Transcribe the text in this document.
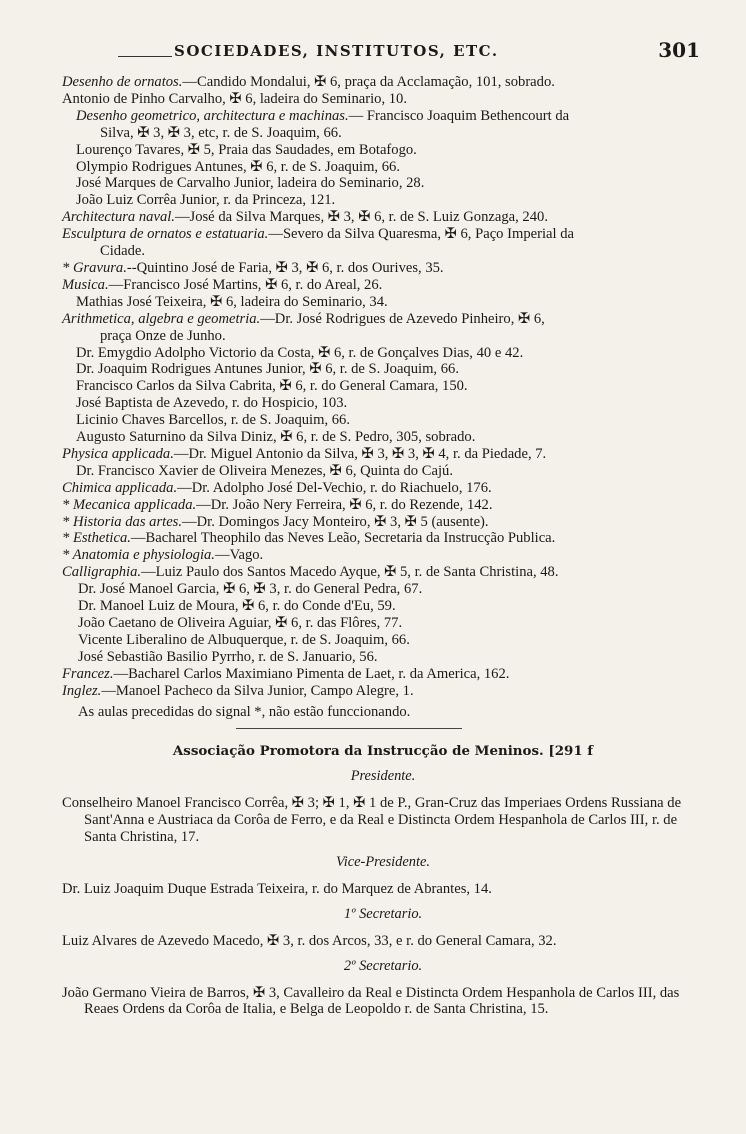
SOCIEDADES, INSTITUTOS, ETC.	301

Desenho de ornatos.—Candido Mondalui, ✠ 6, praça da Acclamação, 101, sobrado.

Antonio de Pinho Carvalho, ✠ 6, ladeira do Seminario, 10.

Desenho geometrico, architectura e machinas.— Francisco Joaquim Bethencourt da

Silva, ✠ 3, ✠ 3, etc, r. de S. Joaquim, 66.

Lourenço Tavares, ✠ 5, Praia das Saudades, em Botafogo.

Olympio Rodrigues Antunes, ✠ 6, r. de S. Joaquim, 66.

José Marques de Carvalho Junior, ladeira do Seminario, 28.

João Luiz Corrêa Junior, r. da Princeza, 121.

Architectura naval.—José da Silva Marques, ✠ 3, ✠ 6, r. de S. Luiz Gonzaga, 240.

Esculptura de ornatos e estatuaria.—Severo da Silva Quaresma, ✠ 6, Paço Imperial da

Cidade.

* Gravura.--Quintino José de Faria, ✠ 3, ✠ 6, r. dos Ourives, 35.

Musica.—Francisco José Martins, ✠ 6, r. do Areal, 26.

Mathias José Teixeira, ✠ 6, ladeira do Seminario, 34.

Arithmetica, algebra e geometria.—Dr. José Rodrigues de Azevedo Pinheiro, ✠ 6,

praça Onze de Junho.

Dr. Emygdio Adolpho Victorio da Costa, ✠ 6, r. de Gonçalves Dias, 40 e 42.

Dr. Joaquim Rodrigues Antunes Junior, ✠ 6, r. de S. Joaquim, 66.

Francisco Carlos da Silva Cabrita, ✠ 6, r. do General Camara, 150.

José Baptista de Azevedo, r. do Hospicio, 103.

Licinio Chaves Barcellos, r. de S. Joaquim, 66.

Augusto Saturnino da Silva Diniz, ✠ 6, r. de S. Pedro, 305, sobrado.

Physica applicada.—Dr. Miguel Antonio da Silva, ✠ 3, ✠ 3, ✠ 4, r. da Piedade, 7.

Dr. Francisco Xavier de Oliveira Menezes, ✠ 6, Quinta do Cajú.

Chimica applicada.—Dr. Adolpho José Del-Vechio, r. do Riachuelo, 176.

* Mecanica applicada.—Dr. João Nery Ferreira, ✠ 6, r. do Rezende, 142.

* Historia das artes.—Dr. Domingos Jacy Monteiro, ✠ 3, ✠ 5 (ausente).

* Esthetica.—Bacharel Theophilo das Neves Leão, Secretaria da Instrucção Publica.

* Anatomia e physiologia.—Vago.

Calligraphia.—Luiz Paulo dos Santos Macedo Ayque, ✠ 5, r. de Santa Christina, 48.

Dr. José Manoel Garcia, ✠ 6, ✠ 3, r. do General Pedra, 67.

Dr. Manoel Luiz de Moura, ✠ 6, r. do Conde d'Eu, 59.

João Caetano de Oliveira Aguiar, ✠ 6, r. das Flôres, 77.

Vicente Liberalino de Albuquerque, r. de S. Joaquim, 66.

José Sebastião Basilio Pyrrho, r. de S. Januario, 56.

Francez.—Bacharel Carlos Maximiano Pimenta de Laet, r. da America, 162.

Inglez.—Manoel Pacheco da Silva Junior, Campo Alegre, 1.

As aulas precedidas do signal *, não estão funccionando.

Associação Promotora da Instrucção de Meninos. [291 f
Presidente.

Conselheiro Manoel Francisco Corrêa, ✠ 3; ✠ 1, ✠ 1 de P., Gran-Cruz das Imperiaes Ordens Russiana de Sant'Anna e Austriaca da Corôa de Ferro, e da Real e Distincta Ordem Hespanhola de Carlos III, r. de Santa Christina, 17.

Vice-Presidente.

Dr. Luiz Joaquim Duque Estrada Teixeira, r. do Marquez de Abrantes, 14.

1º Secretario.

Luiz Alvares de Azevedo Macedo, ✠ 3, r. dos Arcos, 33, e r. do General Camara, 32.

2º Secretario.

João Germano Vieira de Barros, ✠ 3, Cavalleiro da Real e Distincta Ordem Hespanhola de Carlos III, das Reaes Ordens da Corôa de Italia, e Belga de Leopoldo r. de Santa Christina, 15.
